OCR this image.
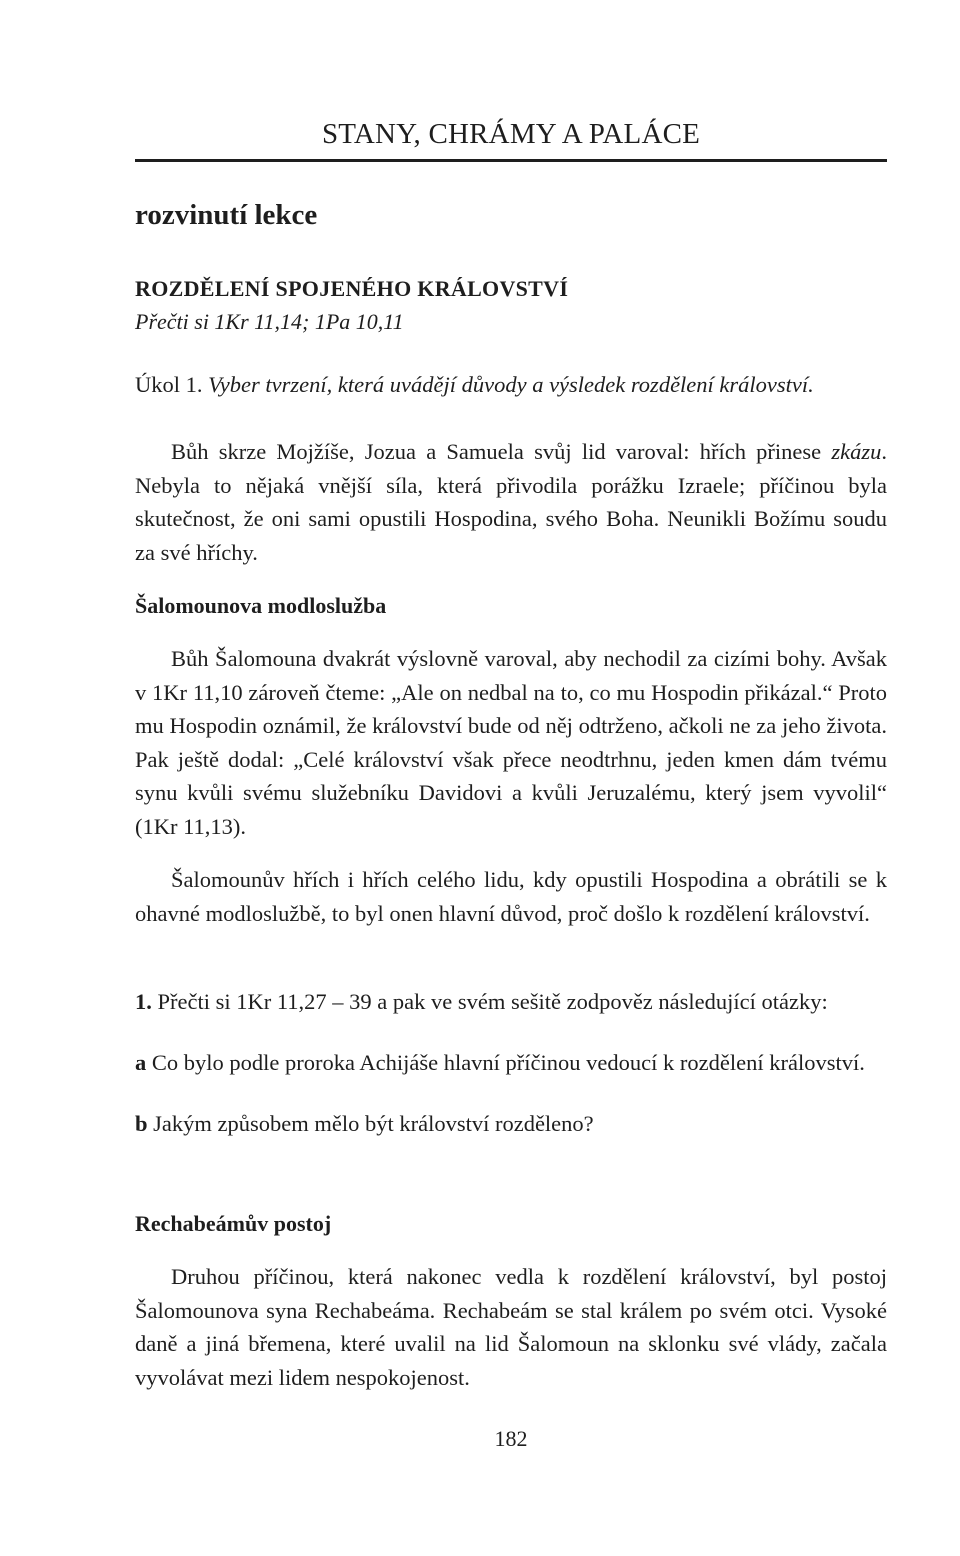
STANY, CHRÁMY A PALÁCE
rozvinutí lekce
ROZDĚLENÍ SPOJENÉHO KRÁLOVSTVÍ
Přečti si 1Kr 11,14; 1Pa 10,11

Úkol 1. Vyber tvrzení, která uvádějí důvody a výsledek rozdělení království.

Bůh skrze Mojžíše, Jozua a Samuela svůj lid varoval: hřích přinese zkázu. Nebyla to nějaká vnější síla, která přivodila porážku Izraele; příčinou byla skutečnost, že oni sami opustili Hospodina, svého Boha. Neunikli Božímu soudu za své hříchy.

Šalomounova modloslužba

Bůh Šalomouna dvakrát výslovně varoval, aby nechodil za cizími bohy. Avšak v 1Kr 11,10 zároveň čteme: „Ale on nedbal na to, co mu Hospodin přikázal.“ Proto mu Hospodin oznámil, že království bude od něj odtrženo, ačkoli ne za jeho života. Pak ještě dodal: „Celé království však přece neodtrhnu, jeden kmen dám tvému synu kvůli svému služebníku Davidovi a kvůli Jeruzalému, který jsem vyvolil“ (1Kr 11,13).

Šalomounův hřích i hřích celého lidu, kdy opustili Hospodina a obrátili se k ohavné modloslužbě, to byl onen hlavní důvod, proč došlo k rozdělení království.

1. Přečti si 1Kr 11,27 – 39 a pak ve svém sešitě zodpověz následující otázky:

a Co bylo podle proroka Achijáše hlavní příčinou vedoucí k rozdělení království.

b Jakým způsobem mělo být království rozděleno?

Rechabeámův postoj

Druhou příčinou, která nakonec vedla k rozdělení království, byl postoj Šalomounova syna Rechabeáma. Rechabeám se stal králem po svém otci. Vysoké daně a jiná břemena, které uvalil na lid Šalomoun na sklonku své vlády, začala vyvolávat mezi lidem nespokojenost.

182
